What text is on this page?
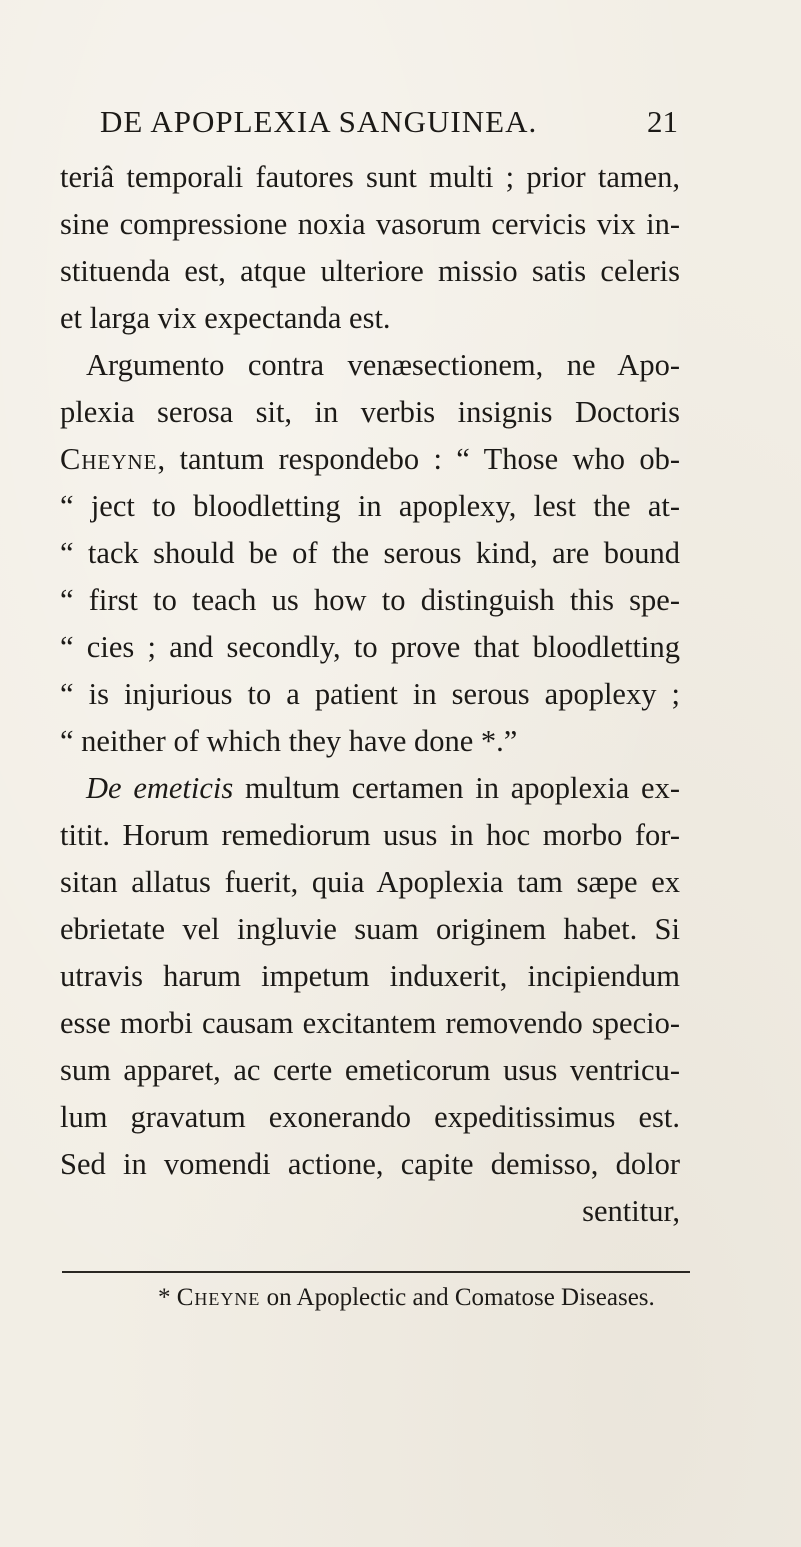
DE APOPLEXIA SANGUINEA.	21
teriâ temporali fautores sunt multi ; prior tamen,
sine compressione noxia vasorum cervicis vix in-
stituenda est, atque ulteriore missio satis celeris
et larga vix expectanda est.
Argumento contra venæsectionem, ne Apo-
plexia serosa sit, in verbis insignis Doctoris
Cheyne, tantum respondebo : “ Those who ob-
“ ject to bloodletting in apoplexy, lest the at-
“ tack should be of the serous kind, are bound
“ first to teach us how to distinguish this spe-
“ cies ; and secondly, to prove that bloodletting
“ is injurious to a patient in serous apoplexy ;
“ neither of which they have done *.”
De emeticis multum certamen in apoplexia ex-
titit. Horum remediorum usus in hoc morbo for-
sitan allatus fuerit, quia Apoplexia tam sæpe ex
ebrietate vel ingluvie suam originem habet. Si
utravis harum impetum induxerit, incipiendum
esse morbi causam excitantem removendo specio-
sum apparet, ac certe emeticorum usus ventricu-
lum gravatum exonerando expeditissimus est.
Sed in vomendi actione, capite demisso, dolor
sentitur,
* Cheyne on Apoplectic and Comatose Diseases.
